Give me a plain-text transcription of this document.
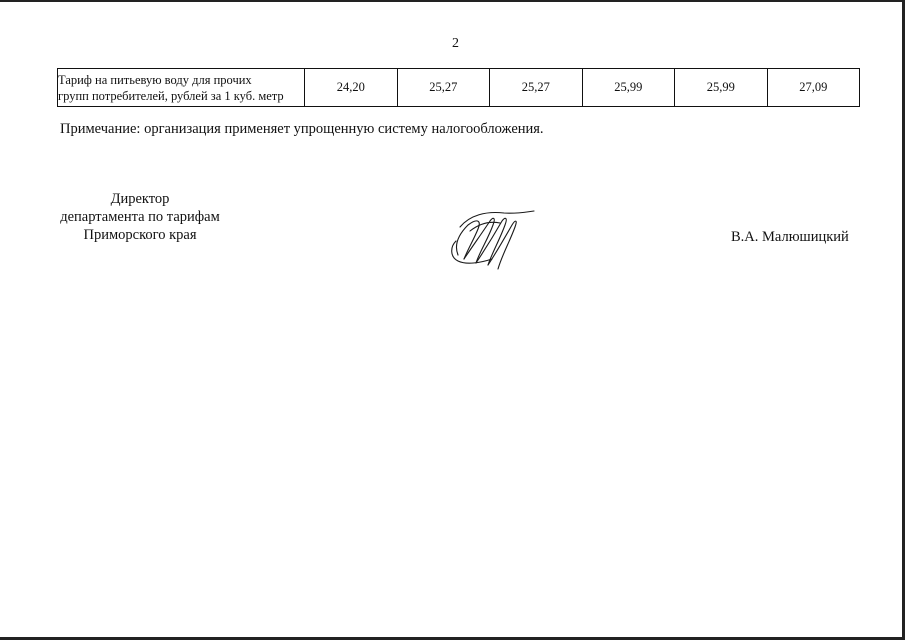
2
Тариф на питьевую воду для прочих
групп потребителей, рублей за 1 куб. метр
	24,20	25,27	25,27	25,99	25,99	27,09
Примечание: организация применяет упрощенную систему налогообложения.
Директор
департамента по тарифам
Приморского края	В.А. Малюшицкий
